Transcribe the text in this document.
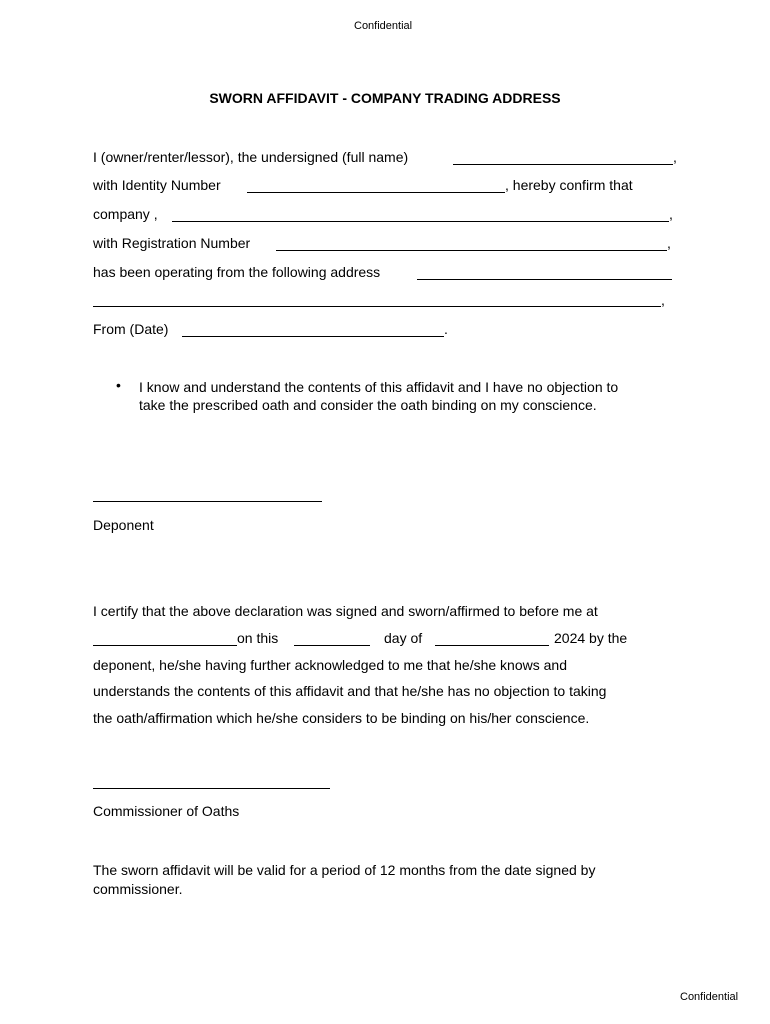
Confidential
SWORN AFFIDAVIT - COMPANY TRADING ADDRESS
I (owner/renter/lessor), the undersigned (full name)	,
with Identity Number	, hereby confirm that
company ,	,
with Registration Number	,
has been operating from the following address
,
From (Date)	.
• I know and understand the contents of this affidavit and I have no objection to take the prescribed oath and consider the oath binding on my conscience.
Deponent
I certify that the above declaration was signed and sworn/affirmed to before me at
on this	day of	2024 by the
deponent, he/she having further acknowledged to me that he/she knows and
understands the contents of this affidavit and that he/she has no objection to taking
the oath/affirmation which he/she considers to be binding on his/her conscience.
Commissioner of Oaths
The sworn affidavit will be valid for a period of 12 months from the date signed by commissioner.
Confidential
